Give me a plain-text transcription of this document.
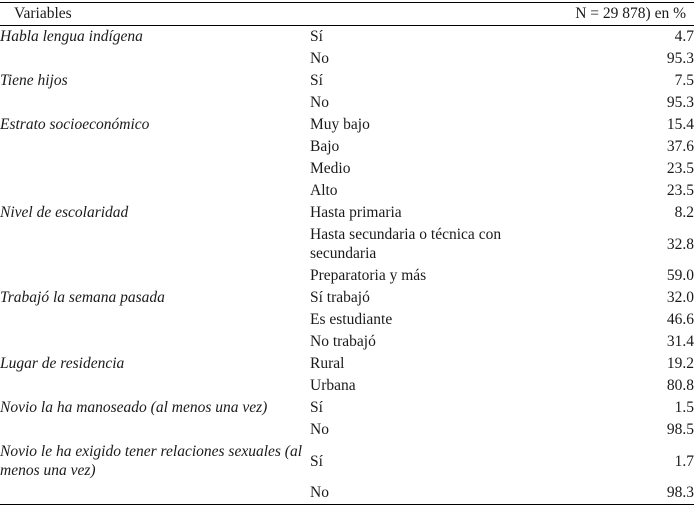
Variables		N = 29 878) en %
Habla lengua indígena	Sí	4.7
	No	95.3
Tiene hijos	Sí	7.5
	No	95.3
Estrato socioeconómico	Muy bajo	15.4
	Bajo	37.6
	Medio	23.5
	Alto	23.5
Nivel de escolaridad	Hasta primaria	8.2
	Hasta secundaria o técnica con secundaria	32.8
	Preparatoria y más	59.0
Trabajó la semana pasada	Sí trabajó	32.0
	Es estudiante	46.6
	No trabajó	31.4
Lugar de residencia	Rural	19.2
	Urbana	80.8
Novio la ha manoseado (al menos una vez)	Sí	1.5
	No	98.5
Novio le ha exigido tener relaciones sexuales (al menos una vez)	Sí	1.7
	No	98.3
